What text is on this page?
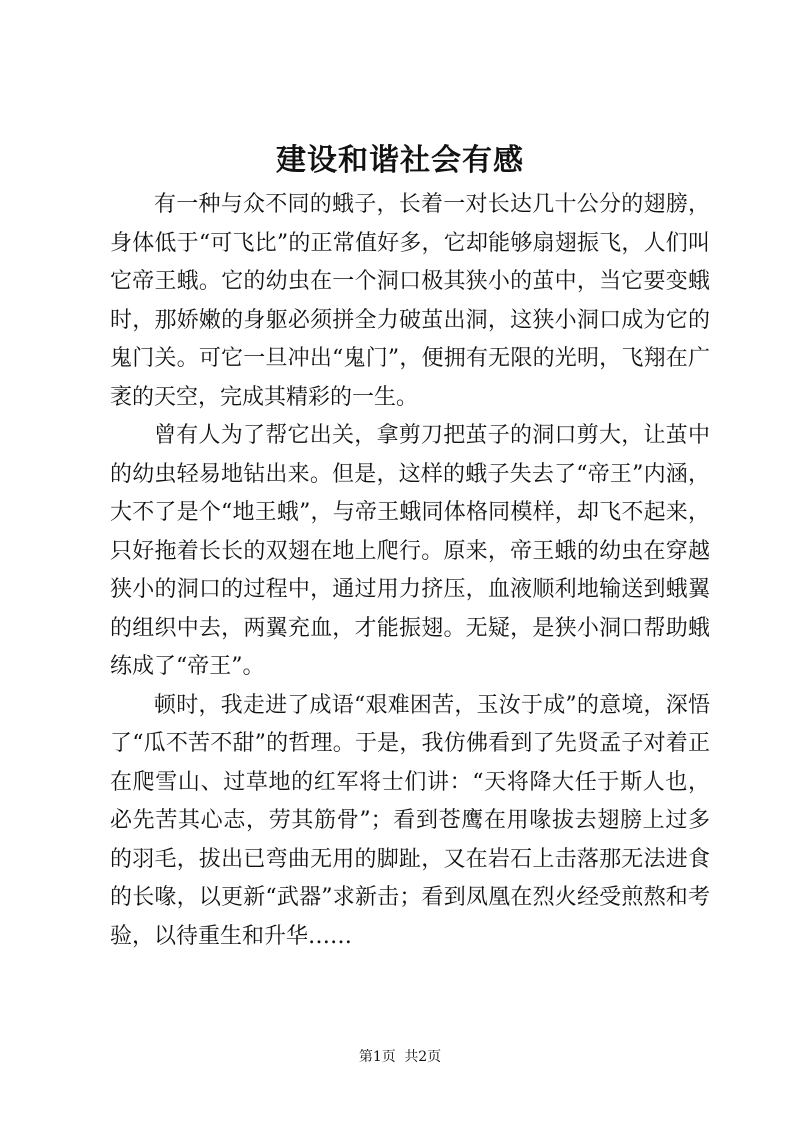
建设和谐社会有感

有一种与众不同的蛾子，长着一对长达几十公分的翅膀，身体低于“可飞比”的正常值好多，它却能够扇翅振飞，人们叫它帝王蛾。它的幼虫在一个洞口极其狭小的茧中，当它要变蛾时，那娇嫩的身躯必须拼全力破茧出洞，这狭小洞口成为它的鬼门关。可它一旦冲出“鬼门”，便拥有无限的光明，飞翔在广袤的天空，完成其精彩的一生。

曾有人为了帮它出关，拿剪刀把茧子的洞口剪大，让茧中的幼虫轻易地钻出来。但是，这样的蛾子失去了“帝王”内涵，大不了是个“地王蛾”，与帝王蛾同体格同模样，却飞不起来，只好拖着长长的双翅在地上爬行。原来，帝王蛾的幼虫在穿越狭小的洞口的过程中，通过用力挤压，血液顺利地输送到蛾翼的组织中去，两翼充血，才能振翅。无疑，是狭小洞口帮助蛾练成了“帝王”。

顿时，我走进了成语“艰难困苦，玉汝于成”的意境，深悟了“瓜不苦不甜”的哲理。于是，我仿佛看到了先贤孟子对着正在爬雪山、过草地的红军将士们讲：“天将降大任于斯人也，必先苦其心志，劳其筋骨”；看到苍鹰在用喙拔去翅膀上过多的羽毛，拔出已弯曲无用的脚趾，又在岩石上击落那无法进食的长喙，以更新“武器”求新击；看到凤凰在烈火经受煎熬和考验，以待重生和升华……

第1页 共2页
